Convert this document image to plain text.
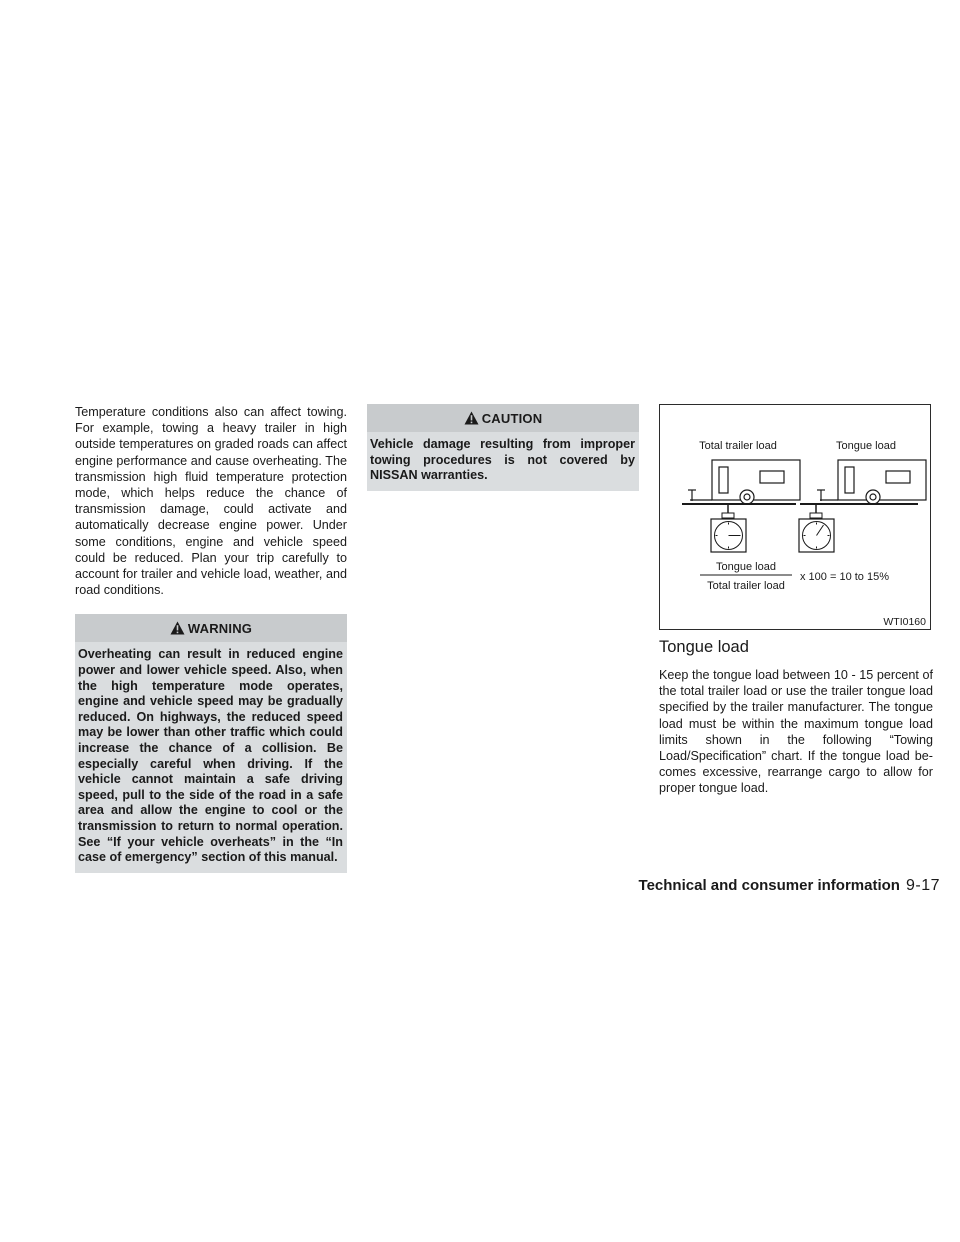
Temperature conditions also can affect towing. For example, towing a heavy trailer in high outside temperatures on graded roads can affect engine performance and cause overheating. The transmission high fluid temperature protection mode, which helps reduce the chance of transmission damage, could activate and automatically decrease engine power. Under some conditions, engine and vehicle speed could be reduced. Plan your trip carefully to account for trailer and vehicle load, weather, and road conditions.

WARNING
Overheating can result in reduced engine power and lower vehicle speed. Also, when the high temperature mode operates, engine and vehicle speed may be gradually reduced. On highways, the reduced speed may be lower than other traffic which could increase the chance of a collision. Be especially careful when driving. If the vehicle cannot maintain a safe driving speed, pull to the side of the road in a safe area and allow the engine to cool or the transmission to return to normal operation. See “If your vehicle overheats” in the “In case of emergency” section of this manual.
CAUTION
Vehicle damage resulting from improper towing procedures is not covered by NISSAN warranties.
Total trailer load	Tongue load
Tongue load
Total trailer load
x 100 = 10 to 15%
WTI0160
Tongue load

Keep the tongue load between 10 - 15 percent of the total trailer load or use the trailer tongue load specified by the trailer manufacturer. The tongue load must be within the maximum tongue load limits shown in the following “Towing Load/Specification” chart. If the tongue load becomes excessive, rearrange cargo to allow for proper tongue load.

Technical and consumer information 9-17
